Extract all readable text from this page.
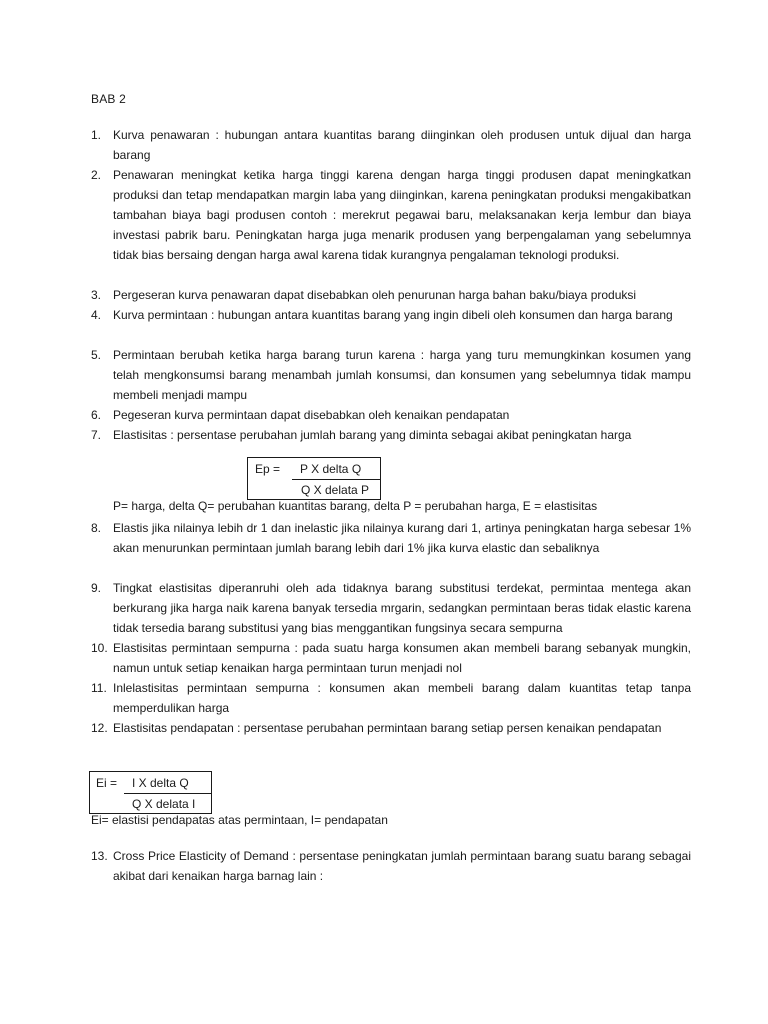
BAB 2
1. Kurva penawaran : hubungan antara kuantitas barang diinginkan oleh produsen untuk dijual dan harga barang
2. Penawaran meningkat ketika harga tinggi karena dengan harga tinggi produsen dapat meningkatkan produksi dan tetap mendapatkan margin laba yang diinginkan, karena peningkatan produksi mengakibatkan tambahan biaya bagi produsen contoh : merekrut pegawai baru, melaksanakan kerja lembur dan biaya investasi pabrik baru. Peningkatan harga juga menarik produsen yang berpengalaman yang sebelumnya tidak bias bersaing dengan harga awal karena tidak kurangnya pengalaman teknologi produksi.
3. Pergeseran kurva penawaran dapat disebabkan oleh penurunan harga bahan baku/biaya produksi
4. Kurva permintaan : hubungan antara kuantitas barang yang ingin dibeli oleh konsumen dan harga barang
5. Permintaan berubah ketika harga barang turun karena : harga yang turu memungkinkan kosumen yang telah mengkonsumsi barang menambah jumlah konsumsi, dan konsumen yang sebelumnya tidak mampu membeli menjadi mampu
6. Pegeseran kurva permintaan dapat disebabkan oleh kenaikan pendapatan
7. Elastisitas : persentase perubahan jumlah barang yang diminta sebagai akibat peningkatan harga
Ep = P X delta Q
Q X delata P
P= harga, delta Q= perubahan kuantitas barang, delta P = perubahan harga, E = elastisitas
8. Elastis jika nilainya lebih dr 1 dan inelastic jika nilainya kurang dari 1, artinya peningkatan harga sebesar 1% akan menurunkan permintaan jumlah barang lebih dari 1% jika kurva elastic dan sebaliknya
9. Tingkat elastisitas diperanruhi oleh ada tidaknya barang substitusi terdekat, permintaa mentega akan berkurang jika harga naik karena banyak tersedia mrgarin, sedangkan permintaan beras tidak elastic karena tidak tersedia barang substitusi yang bias menggantikan fungsinya secara sempurna
10. Elastisitas permintaan sempurna : pada suatu harga konsumen akan membeli barang sebanyak mungkin, namun untuk setiap kenaikan harga permintaan turun menjadi nol
11. Inlelastisitas permintaan sempurna : konsumen akan membeli barang dalam kuantitas tetap tanpa memperdulikan harga
12. Elastisitas pendapatan : persentase perubahan permintaan barang setiap persen kenaikan pendapatan
Ei = I X delta Q
Q X delata I
Ei= elastisi pendapatas atas permintaan, I= pendapatan
13. Cross Price Elasticity of Demand : persentase peningkatan jumlah permintaan barang suatu barang sebagai akibat dari kenaikan harga barnag lain :
